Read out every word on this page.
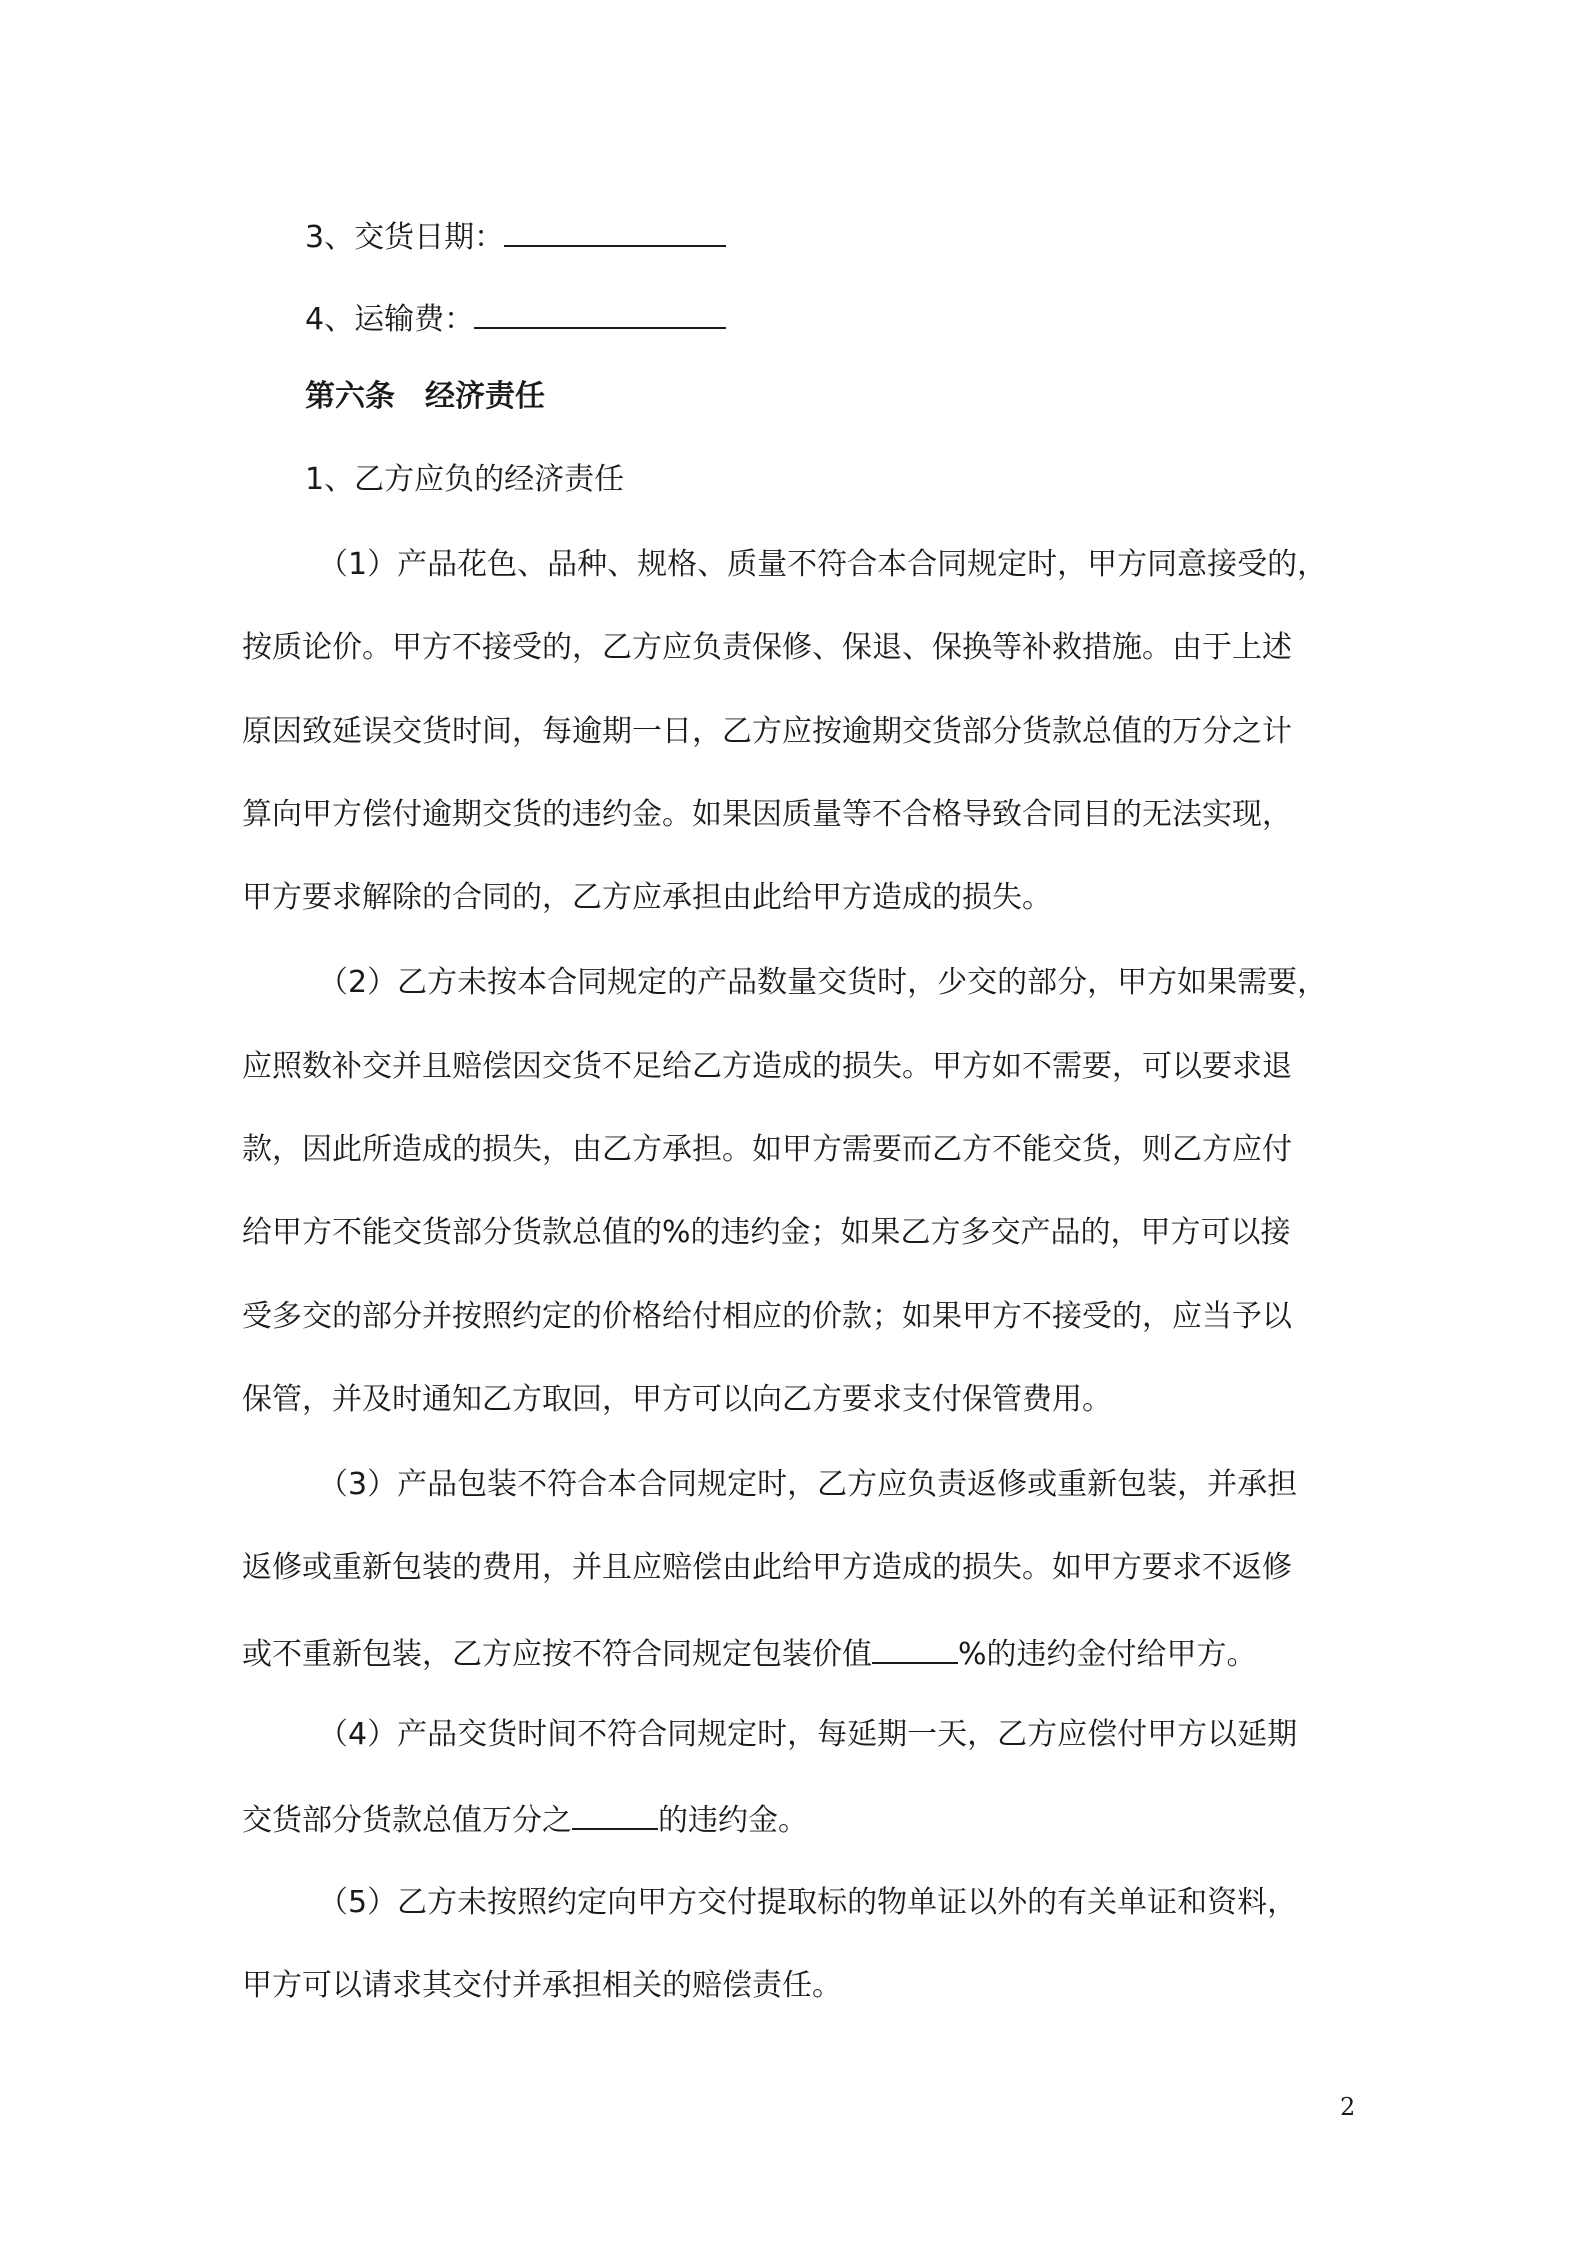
3、交货日期：
4、运输费：
第六条　经济责任
1、乙方应负的经济责任
（1）产品花色、品种、规格、质量不符合本合同规定时，甲方同意接受的，
按质论价。甲方不接受的，乙方应负责保修、保退、保换等补救措施。由于上述
原因致延误交货时间，每逾期一日，乙方应按逾期交货部分货款总值的万分之计
算向甲方偿付逾期交货的违约金。如果因质量等不合格导致合同目的无法实现，
甲方要求解除的合同的，乙方应承担由此给甲方造成的损失。
（2）乙方未按本合同规定的产品数量交货时，少交的部分，甲方如果需要，
应照数补交并且赔偿因交货不足给乙方造成的损失。甲方如不需要，可以要求退
款，因此所造成的损失，由乙方承担。如甲方需要而乙方不能交货，则乙方应付
给甲方不能交货部分货款总值的%的违约金；如果乙方多交产品的，甲方可以接
受多交的部分并按照约定的价格给付相应的价款；如果甲方不接受的，应当予以
保管，并及时通知乙方取回，甲方可以向乙方要求支付保管费用。
（3）产品包装不符合本合同规定时，乙方应负责返修或重新包装，并承担
返修或重新包装的费用，并且应赔偿由此给甲方造成的损失。如甲方要求不返修
或不重新包装，乙方应按不符合同规定包装价值	%的违约金付给甲方。
（4）产品交货时间不符合同规定时，每延期一天，乙方应偿付甲方以延期
交货部分货款总值万分之	的违约金。
（5）乙方未按照约定向甲方交付提取标的物单证以外的有关单证和资料，
甲方可以请求其交付并承担相关的赔偿责任。
2
